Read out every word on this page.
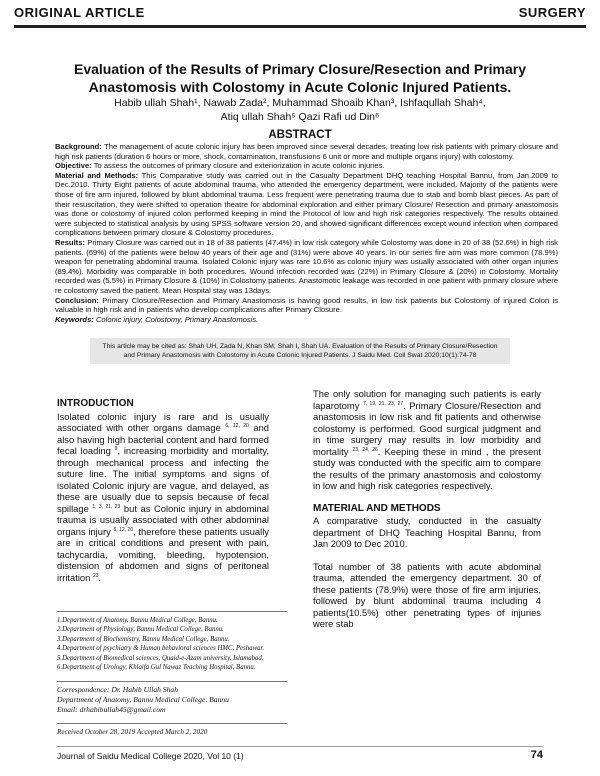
ORIGINAL ARTICLE	SURGERY
Evaluation of the Results of Primary Closure/Resection and Primary Anastomosis with Colostomy in Acute Colonic Injured Patients.
Habib ullah Shah¹, Nawab Zada², Muhammad Shoaib Khan³, Ishfaqullah Shah⁴,
Atiq ullah Shah⁵ Qazi Rafi ud Din⁶
ABSTRACT

Background: The management of acute colonic injury has been improved since several decades, treating low risk patients with primary closure and high risk patients (duration 6 hours or more, shock, contamination, transfusions 6 unit or more and multiple organs injury) with colostomy.

Objective: To assess the outcomes of primary closure and exteriorization in acute colonic injuries.

Material and Methods: This Comparative study was carried out in the Casualty Department DHQ teaching Hospital Bannu, from Jan.2009 to Dec.2010. Thirty Eight patients of acute abdominal trauma, who attended the emergency department, were included. Majority of the patients were those of fire arm injured, followed by blunt abdominal trauma. Less frequent were penetrating trauma due to stab and bomb blast pieces. As part of their resuscitation, they were shifted to operation theatre for abdominal exploration and either primary Closure/ Resection and primary anastomosis was done or colostomy of injured colon performed keeping in mind the Protocol of low and high risk categories respectively. The results obtained were subjected to statistical analysis by using SPSS software version 20, and showed significant differences except wound infection when compared complications between primary closure & Colostomy procedures.

Results: Primary Closure was carried out in 18 of 38 patients (47.4%) in low risk category while Colostomy was done in 20 of 38 (52.6%) in high risk patients. (69%) of the patients were below 40 years of their age and (31%) were above 40 years. In our series fire arm was more common (78.9%) weapon for penetrating abdominal trauma. Isolated Colonic injury was rare 10.6% as colonic injury was usually associated with other organ injuries (89.4%). Morbidity was comparable in both procedures. Wound infection recorded was (22%) in Primary Closure & (20%) in Colostomy. Mortality recorded was (5.5%) in Primary Closure & (10%) in Colostomy patients. Anastomotic leakage was recorded in one patient with primary closure where re colostomy saved the patient. Mean Hospital stay was 13days.

Conclusion: Primary Closure/Resection and Primary Anastomosis is having good results, in low risk patients but Colostomy of injured Colon is valuable in high risk and in patients who develop complications after Primary Closure.

Keywords: Colonic injury, Colostomy, Primary Anastomosis.

This article may be cited as: Shah UH, Zada N, Khan SM, Shah I, Shah UA. Evaluation of the Results of Primary Closure/Resection and Primary Anastomosis with Colostomy in Acute Colonic Injured Patients. J Saidu Med. Coll Swat 2020;10(1):74-78
INTRODUCTION

Isolated colonic injury is rare and is usually associated with other organs damage $^{6, 12, 20}$ and also having high bacterial content and hard formed fecal loading $^9$, increasing morbidity and mortality, through mechanical process and infecting the suture line. The initial symptoms and signs of isolated Colonic injury are vague, and delayed, as these are usually due to sepsis because of fecal spillage $^{1, 3, 21, 23}$ but as Colonic injury in abdominal trauma is usually associated with other abdominal organs injury $^{6, 12, 20}$, therefore these patients usually are in critical conditions and present with pain, tachycardia, vomiting, bleeding, hypotension, distension of abdomen and signs of peritoneal irritation $^{23}$.

The only solution for managing such patients is early laparotomy $^{7, 19, 21, 23, 27}$. Primary Closure/Resection and anastomosis in low risk and fit patients and otherwise colostomy is performed. Good surgical judgment and in time surgery may results in low morbidity and mortality $^{23, 24, 26}$. Keeping these in mind , the present study was conducted with the specific aim to compare the results of the primary anastomosis and colostomy in low and high risk categories respectively.

MATERIAL AND METHODS

A comparative study, conducted in the casualty department of DHQ Teaching Hospital Bannu, from Jan 2009 to Dec 2010.

Total number of 38 patients with acute abdominal trauma, attended the emergency department. 30 of these patients (78.9%) were those of fire arm injuries, followed by blunt abdominal trauma including 4 patients(10.5%) other penetrating types of injuries were stab

1.Department of Anatomy, Bannu Medical College, Bannu.
2.Department of Physiology, Bannu Medical College, Bannu.
3.Department of Biochemistry, Bannu Medical College, Bannu.
4.Department of psychiatry & Human behavioral sciences HMC, Peshawar.
5.Department of Biomedical sciences, Quaid-e-Azam university, Islamabad.
6.Department of Urology, Khlaifa Gul Nawaz Teaching Hospital, Bannu.
Correspondence: Dr. Habib Ullah Shah
Department of Anatomy, Bannu Medical College, Bannu
Email: drhabibullah45@gmail.com
Received October 28, 2019 Accepted March 2, 2020
Journal of Saidu Medical College 2020, Vol 10 (1)	74
